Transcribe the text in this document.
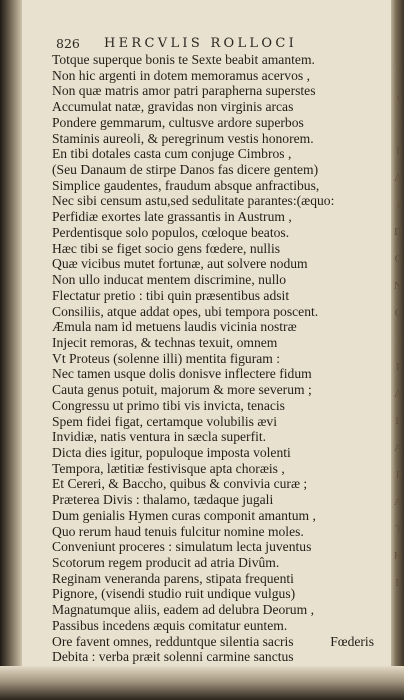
826 HERCVLIS ROLLOCI
Totque superque bonis te Sexte beabit amantem.
Non hic argenti in dotem memoramus acervos ,
Non quæ matris amor patri parapherna superstes
Accumulat natæ, gravidas non virginis arcas
Pondere gemmarum, cultusve ardore superbos
Staminis aureoli, & peregrinum vestis honorem.
En tibi dotales casta cum conjuge Cimbros ,
(Seu Danaum de stirpe Danos fas dicere gentem)
Simplice gaudentes, fraudum absque anfractibus,
Nec sibi censum astu,sed sedulitate parantes:(æquo:
Perfidiæ exortes late grassantis in Austrum ,
Perdentisque solo populos, cœloque beatos.
Hæc tibi se figet socio gens fœdere, nullis
Quæ vicibus mutet fortunæ, aut solvere nodum
Non ullo inducat mentem discrimine, nullo
Flectatur pretio : tibi quin præsentibus adsit
Consiliis, atque addat opes, ubi tempora poscent.
Æmula nam id metuens laudis vicinia nostræ
Injecit remoras, & technas texuit, omnem
Vt Proteus (solenne illi) mentita figuram :
Nec tamen usque dolis donisve inflectere fidum
Cauta genus potuit, majorum & more severum ;
Congressu ut primo tibi vis invicta, tenacis
Spem fidei figat, certamque volubilis ævi
Invidiæ, natis ventura in sæcla superfit.
Dicta dies igitur, populoque imposta volenti
Tempora, lætitiæ festivisque apta choræis ,
Et Cereri, & Baccho, quibus & convivia curæ ;
Præterea Divis : thalamo, tædaque jugali
Dum genialis Hymen curas componit amantum ,
Quo rerum haud tenuis fulcitur nomine moles.
Conveniunt proceres : simulatum lecta juventus
Scotorum regem producit ad atria Divûm.
Reginam veneranda parens, stipata frequenti
Pignore, (visendi studio ruit undique vulgus)
Magnatumque aliis, eadem ad delubra Deorum ,
Passibus incedens æquis comitatur euntem.
Ore favent omnes, redduntque silentia sacris
Debita : verba præit solenni carmine sanctus
Fœderis
r
e
t
h
A
c
D
C
N
C
I
P
A
L
A
P
A
T
H
E
